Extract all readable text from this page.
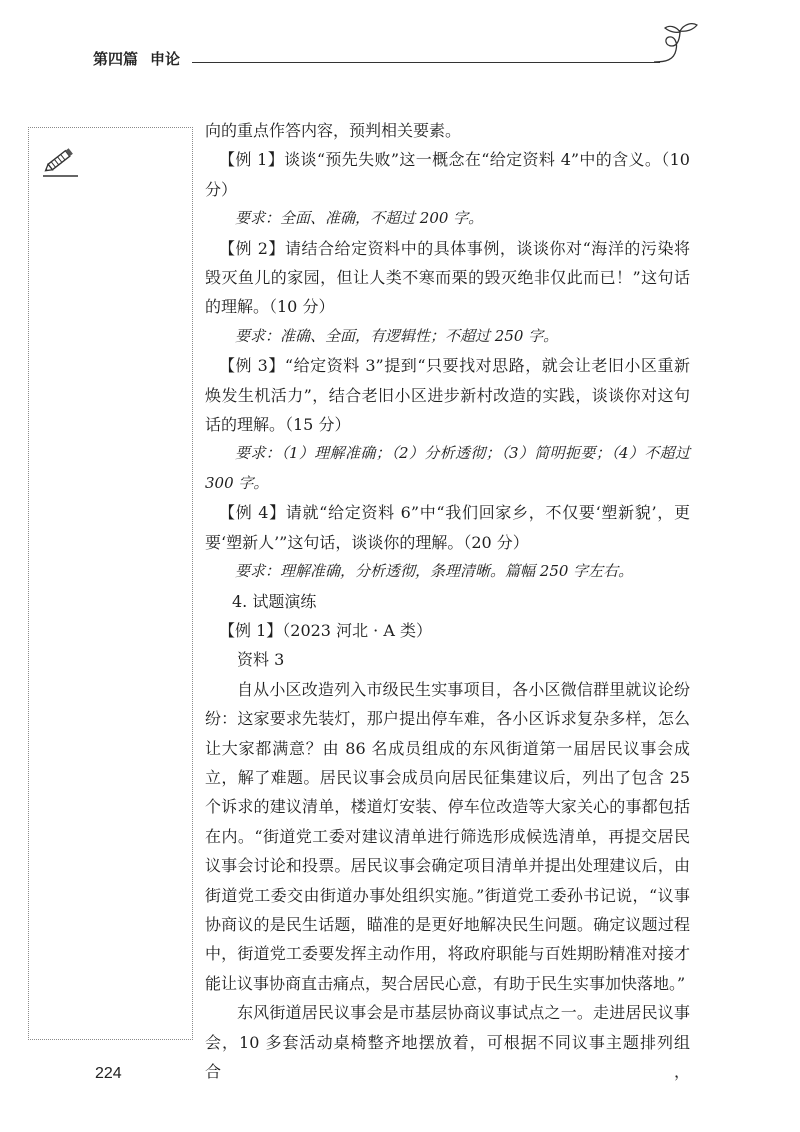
第四篇 申论

向的重点作答内容，预判相关要素。

【例 1】谈谈“预先失败”这一概念在“给定资料 4”中的含义。（10 分）

要求：全面、准确，不超过 200 字。

【例 2】请结合给定资料中的具体事例，谈谈你对“海洋的污染将毁灭鱼儿的家园，但让人类不寒而栗的毁灭绝非仅此而已！”这句话的理解。（10 分）

要求：准确、全面，有逻辑性；不超过 250 字。

【例 3】“给定资料 3”提到“只要找对思路，就会让老旧小区重新焕发生机活力”，结合老旧小区进步新村改造的实践，谈谈你对这句话的理解。（15 分）

要求：（1）理解准确；（2）分析透彻；（3）简明扼要；（4）不超过 300 字。

【例 4】请就“给定资料 6”中“我们回家乡，不仅要‘塑新貌’，更要‘塑新人’”这句话，谈谈你的理解。（20 分）

要求：理解准确，分析透彻，条理清晰。篇幅 250 字左右。

4. 试题演练

【例 1】（2023 河北 · A 类）

资料 3

自从小区改造列入市级民生实事项目，各小区微信群里就议论纷纷：这家要求先装灯，那户提出停车难，各小区诉求复杂多样，怎么让大家都满意？由 86 名成员组成的东风街道第一届居民议事会成立，解了难题。居民议事会成员向居民征集建议后，列出了包含 25 个诉求的建议清单，楼道灯安装、停车位改造等大家关心的事都包括在内。“街道党工委对建议清单进行筛选形成候选清单，再提交居民议事会讨论和投票。居民议事会确定项目清单并提出处理建议后，由街道党工委交由街道办事处组织实施。”街道党工委孙书记说，“议事协商议的是民生话题，瞄准的是更好地解决民生问题。确定议题过程中，街道党工委要发挥主动作用，将政府职能与百姓期盼精准对接才能让议事协商直击痛点，契合居民心意，有助于民生实事加快落地。”

东风街道居民议事会是市基层协商议事试点之一。走进居民议事会，10 多套活动桌椅整齐地摆放着，可根据不同议事主题排列组合，

224
